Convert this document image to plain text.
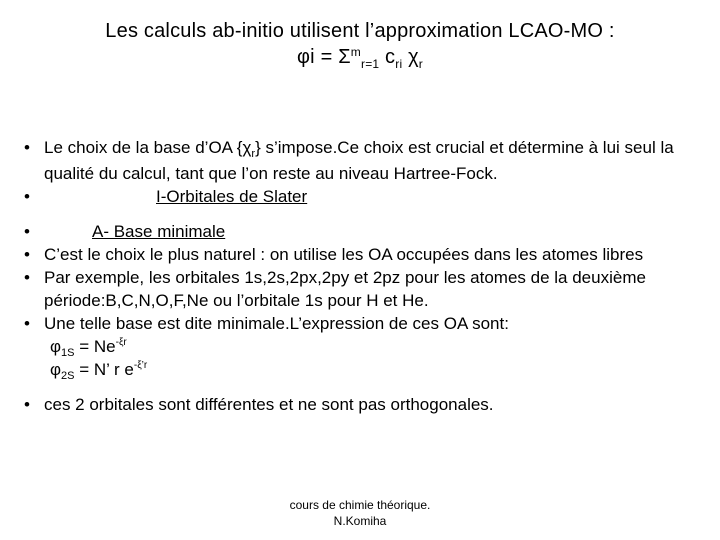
Les calculs ab-initio utilisent l’approximation LCAO-MO :
$\varphi i = \Sigma^m_{r=1}$ $c_{ri}$ $\chi_r$
• Le choix de la base d’OA $\{\chi_r\}$ s’impose.Ce choix est crucial et détermine à lui seul la qualité du calcul, tant que l’on reste au niveau Hartree-Fock.
•	I-Orbitales de Slater
•	A- Base minimale
• C’est le choix le plus naturel : on utilise les OA occupées dans les atomes libres
• Par exemple, les orbitales 1s,2s,2px,2py et 2pz pour les atomes de la deuxième période:B,C,N,O,F,Ne ou l’orbitale 1s pour H et He.
• Une telle base est dite minimale.L’expression de ces OA sont:
$\varphi_{1S} = Ne^{-\xi r}$
$\varphi_{2S} = N$’ r $e^{-\xi’r}$
• ces 2 orbitales sont différentes et ne sont pas orthogonales.
cours de chimie théorique.
N.Komiha
